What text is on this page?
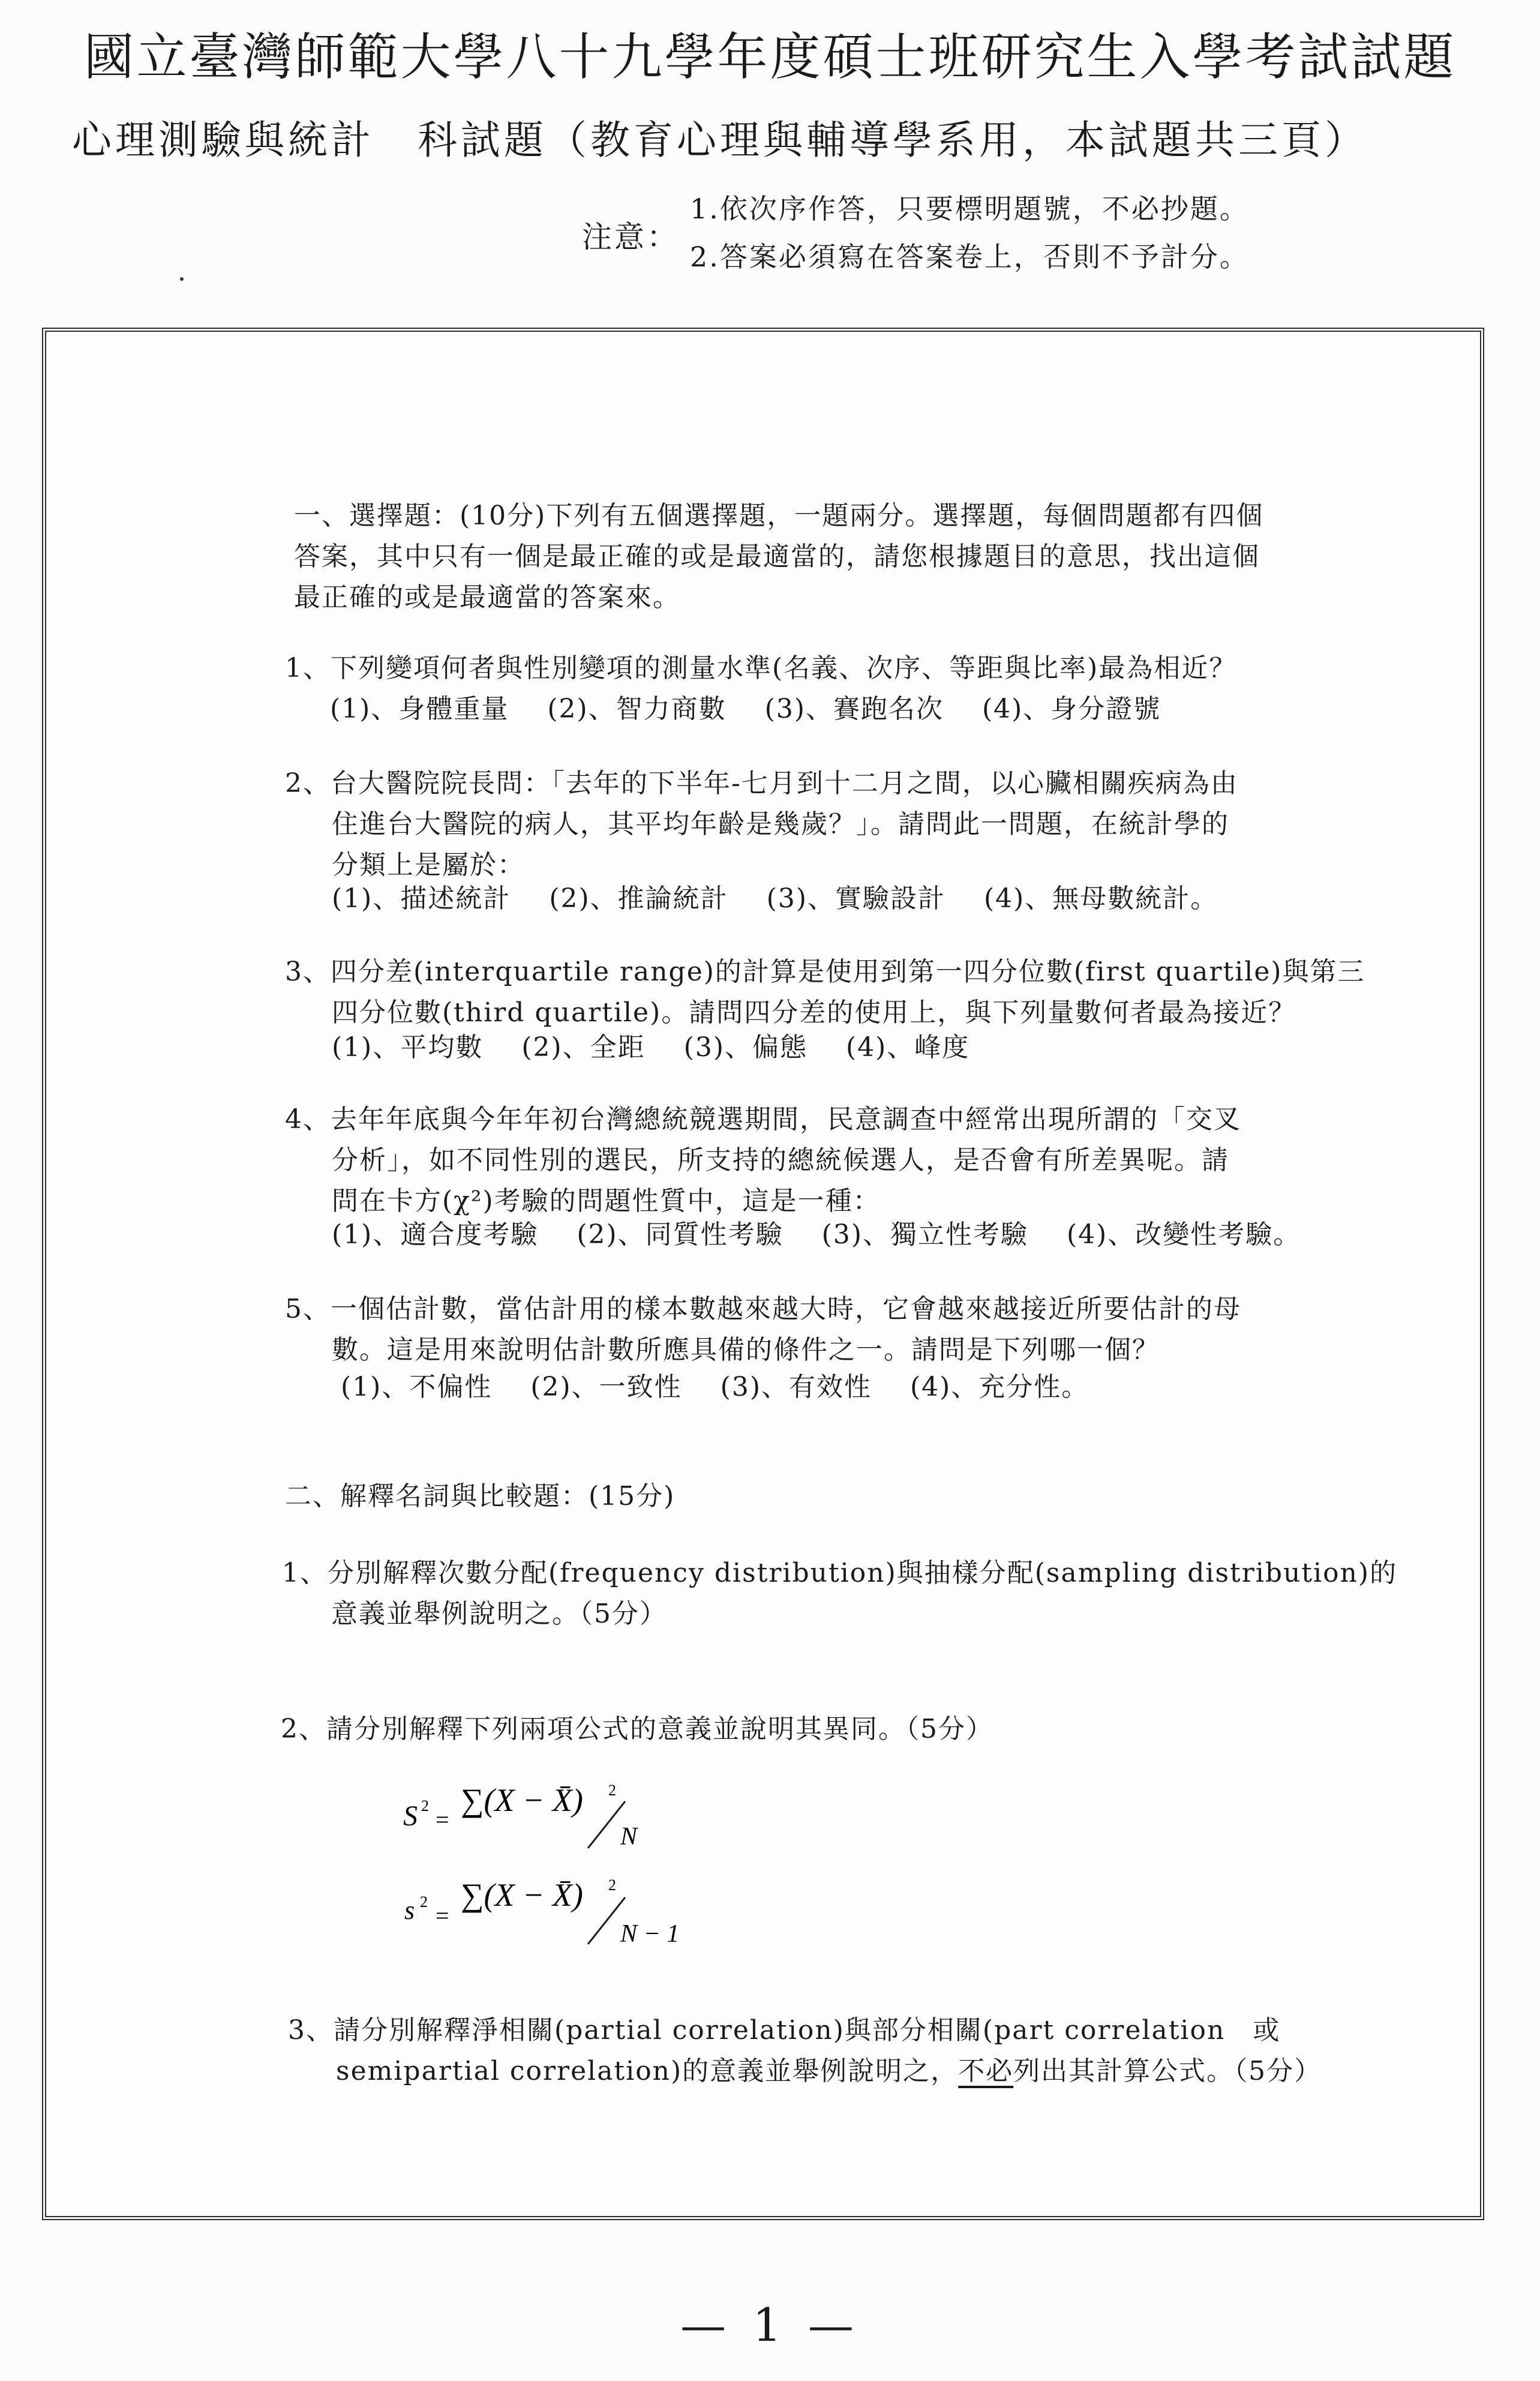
國立臺灣師範大學八十九學年度碩士班研究生入學考試試題
心理測驗與統計　科試題（教育心理與輔導學系用，本試題共三頁）
注意：
1.依次序作答，只要標明題號，不必抄題。
2.答案必須寫在答案卷上，否則不予計分。
一、選擇題：(10分)下列有五個選擇題，一題兩分。選擇題，每個問題都有四個
答案，其中只有一個是最正確的或是最適當的，請您根據題目的意思，找出這個
最正確的或是最適當的答案來。
1、下列變項何者與性別變項的測量水準(名義、次序、等距與比率)最為相近？
(1)、身體重量 (2)、智力商數 (3)、賽跑名次 (4)、身分證號
2、台大醫院院長問：「去年的下半年-七月到十二月之間，以心臟相關疾病為由
住進台大醫院的病人，其平均年齡是幾歲？」。請問此一問題，在統計學的
分類上是屬於：
(1)、描述統計 (2)、推論統計 (3)、實驗設計 (4)、無母數統計。
3、四分差(interquartile range)的計算是使用到第一四分位數(first quartile)與第三
四分位數(third quartile)。請問四分差的使用上，與下列量數何者最為接近？
(1)、平均數 (2)、全距 (3)、偏態 (4)、峰度
4、去年年底與今年年初台灣總統競選期間，民意調查中經常出現所謂的「交叉
分析」，如不同性別的選民，所支持的總統候選人，是否會有所差異呢。請
問在卡方(χ²)考驗的問題性質中，這是一種：
(1)、適合度考驗 (2)、同質性考驗 (3)、獨立性考驗 (4)、改變性考驗。
5、一個估計數，當估計用的樣本數越來越大時，它會越來越接近所要估計的母
數。這是用來說明估計數所應具備的條件之一。請問是下列哪一個？
(1)、不偏性 (2)、一致性 (3)、有效性 (4)、充分性。
二、解釋名詞與比較題：(15分)
1、分別解釋次數分配(frequency distribution)與抽樣分配(sampling distribution)的
意義並舉例說明之。（5分）
2、請分別解釋下列兩項公式的意義並說明其異同。（5分）
S 2
=
∑(X − X̄) 2
N
s 2
=
∑(X − X̄) 2
N − 1
3、請分別解釋淨相關(partial correlation)與部分相關(part correlation　或
semipartial correlation)的意義並舉例說明之，不必列出其計算公式。（5分）
— 1 —
